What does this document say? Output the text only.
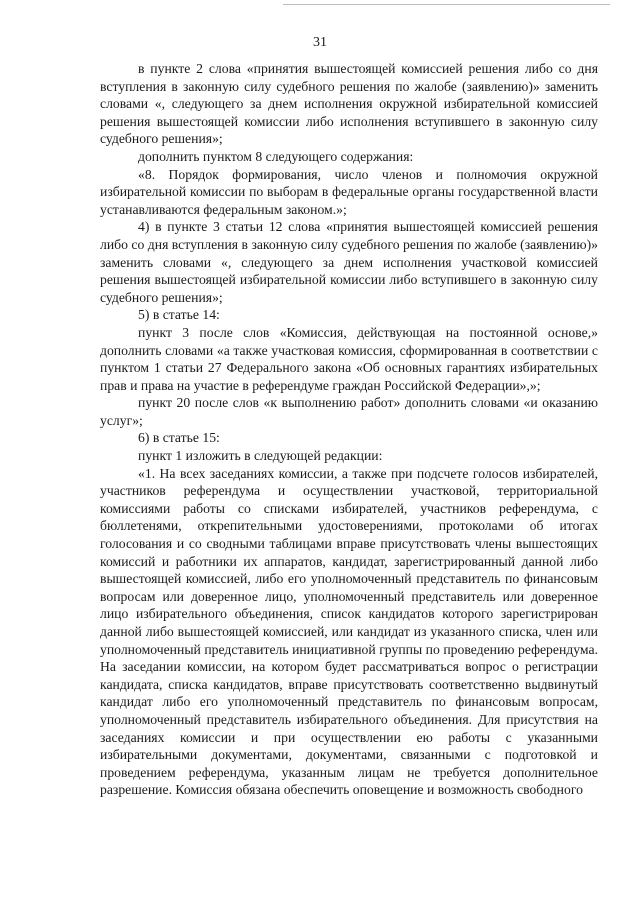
31

в пункте 2 слова «принятия вышестоящей комиссией решения либо со дня вступления в законную силу судебного решения по жалобе (заявлению)» заменить словами «, следующего за днем исполнения окружной избирательной комиссией решения вышестоящей комиссии либо исполнения вступившего в законную силу судебного решения»;

дополнить пунктом 8 следующего содержания:

«8. Порядок формирования, число членов и полномочия окружной избирательной комиссии по выборам в федеральные органы государственной власти устанавливаются федеральным законом.»;

4) в пункте 3 статьи 12 слова «принятия вышестоящей комиссией решения либо со дня вступления в законную силу судебного решения по жалобе (заявлению)» заменить словами «, следующего за днем исполнения участковой комиссией решения вышестоящей избирательной комиссии либо вступившего в законную силу судебного решения»;

5) в статье 14:

пункт 3 после слов «Комиссия, действующая на постоянной основе,» дополнить словами «а также участковая комиссия, сформированная в соответствии с пунктом 1 статьи 27 Федерального закона «Об основных гарантиях избирательных прав и права на участие в референдуме граждан Российской Федерации»,»;

пункт 20 после слов «к выполнению работ» дополнить словами «и оказанию услуг»;

6) в статье 15:

пункт 1 изложить в следующей редакции:

«1. На всех заседаниях комиссии, а также при подсчете голосов избирателей, участников референдума и осуществлении участковой, территориальной комиссиями работы со списками избирателей, участников референдума, с бюллетенями, открепительными удостоверениями, протоколами об итогах голосования и со сводными таблицами вправе присутствовать члены вышестоящих комиссий и работники их аппаратов, кандидат, зарегистрированный данной либо вышестоящей комиссией, либо его уполномоченный представитель по финансовым вопросам или доверенное лицо, уполномоченный представитель или доверенное лицо избирательного объединения, список кандидатов которого зарегистрирован данной либо вышестоящей комиссией, или кандидат из указанного списка, член или уполномоченный представитель инициативной группы по проведению референдума. На заседании комиссии, на котором будет рассматриваться вопрос о регистрации кандидата, списка кандидатов, вправе присутствовать соответственно выдвинутый кандидат либо его уполномоченный представитель по финансовым вопросам, уполномоченный представитель избирательного объединения. Для присутствия на заседаниях комиссии и при осуществлении ею работы с указанными избирательными документами, документами, связанными с подготовкой и проведением референдума, указанным лицам не требуется дополнительное разрешение. Комиссия обязана обеспечить оповещение и возможность свободного
